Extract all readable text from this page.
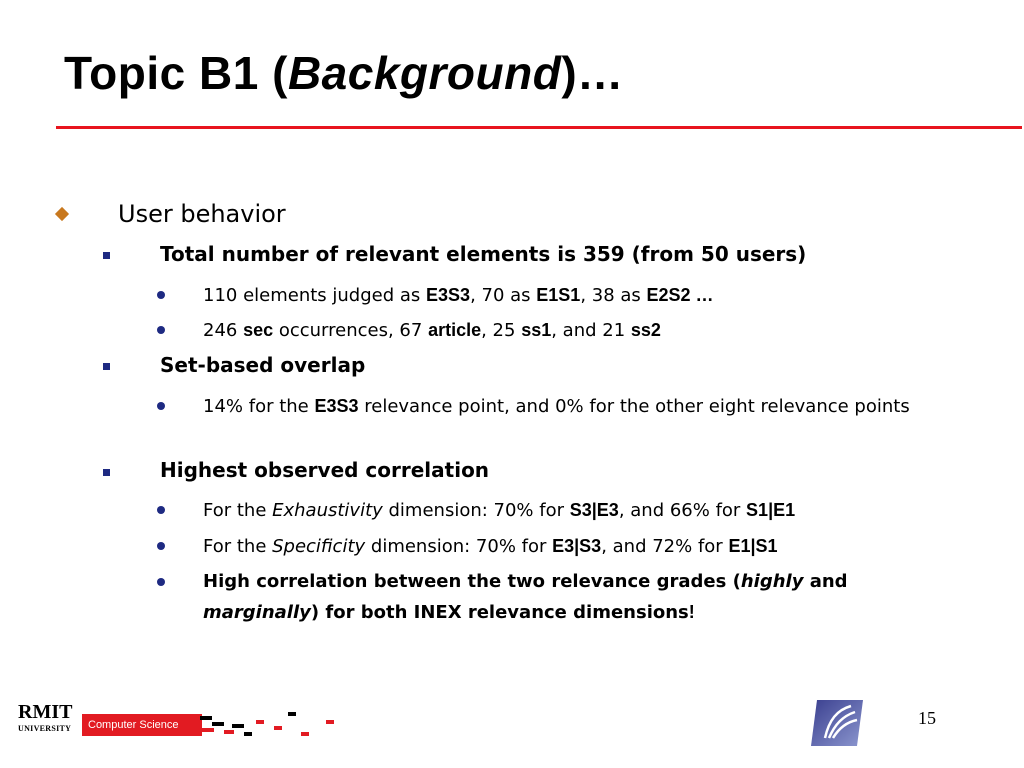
Topic B1 (Background)…
User behavior
Total number of relevant elements is 359 (from 50 users)
110 elements judged as E3S3, 70 as E1S1, 38 as E2S2 …
246 sec occurrences, 67 article, 25 ss1, and 21 ss2
Set-based overlap
14% for the E3S3 relevance point, and 0% for the other eight relevance points
Highest observed correlation
For the Exhaustivity dimension: 70% for S3|E3, and 66% for S1|E1
For the Specificity dimension: 70% for E3|S3, and 72% for E1|S1
High correlation between the two relevance grades (highly and marginally) for both INEX relevance dimensions!
RMIT
UNIVERSITY	Computer Science	15
